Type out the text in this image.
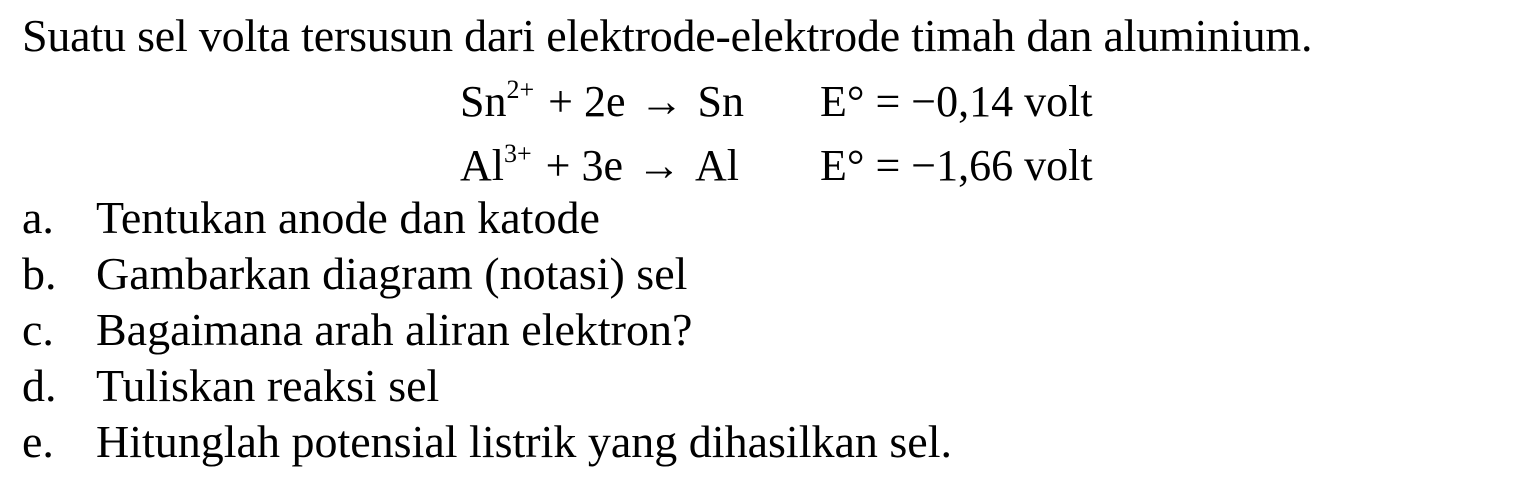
Suatu sel volta tersusun dari elektrode-elektrode timah dan aluminium.

$Sn^{2+} + 2e \to Sn$ E° = −0,14 volt
$Al^{3+} + 3e \to Al$ E° = −1,66 volt
a. Tentukan anode dan katode
b. Gambarkan diagram (notasi) sel
c. Bagaimana arah aliran elektron?
d. Tuliskan reaksi sel
e. Hitunglah potensial listrik yang dihasilkan sel.
